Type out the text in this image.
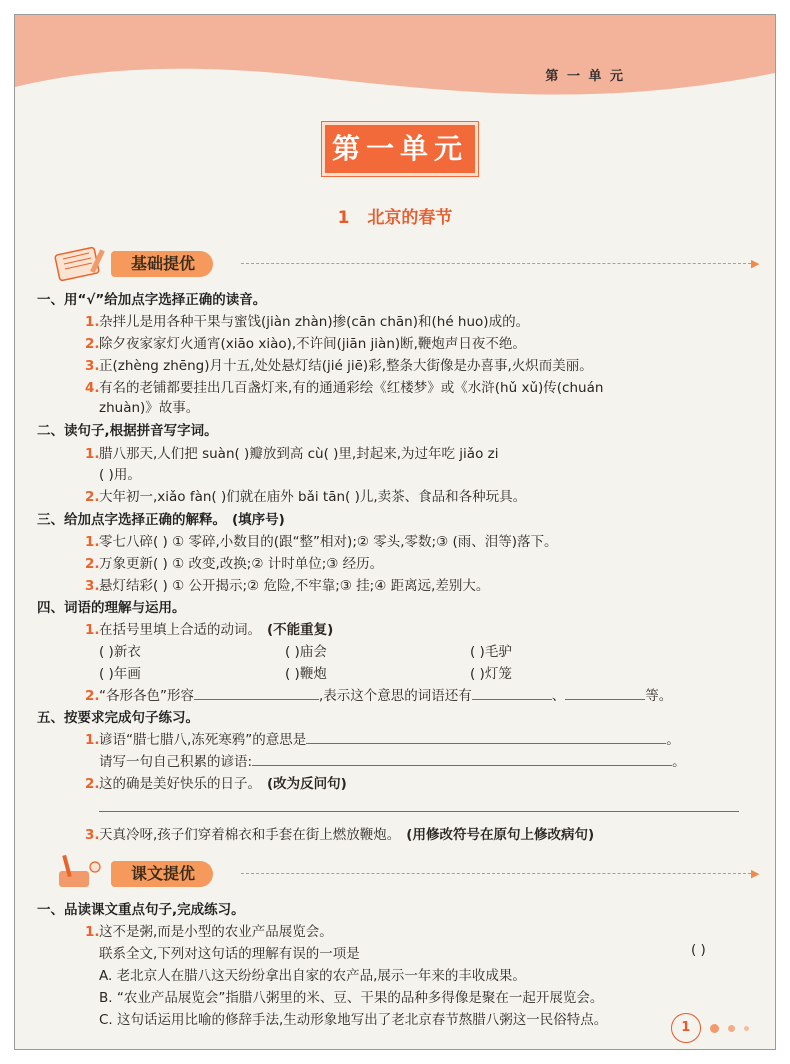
第 一 单 元
第一单元
1 北京的春节
基础提优	▶
一、用“√”给加点字选择正确的读音。
1.杂拌儿是用各种干果与蜜饯(jiàn zhàn)掺(cān chān)和(hé huo)成的。
2.除夕夜家家灯火通宵(xiāo xiào),不许间(jiān jiàn)断,鞭炮声日夜不绝。
3.正(zhèng zhēng)月十五,处处悬灯结(jié jiē)彩,整条大街像是办喜事,火炽而美丽。
4.有名的老铺都要挂出几百盏灯来,有的通通彩绘《红楼梦》或《水浒(hǔ xǔ)传(chuán
zhuàn)》故事。
二、读句子,根据拼音写字词。
1.腊八那天,人们把 suàn( )瓣放到高 cù( )里,封起来,为过年吃 jiǎo zi
( )用。
2.大年初一,xiǎo fàn( )们就在庙外 bǎi tān( )儿,卖茶、食品和各种玩具。
三、给加点字选择正确的解释。 (填序号)
1.零七八碎( ) ① 零碎,小数目的(跟“整”相对);② 零头,零数;③ (雨、泪等)落下。
2.万象更新( ) ① 改变,改换;② 计时单位;③ 经历。
3.悬灯结彩( ) ① 公开揭示;② 危险,不牢靠;③ 挂;④ 距离远,差别大。
四、词语的理解与运用。
1.在括号里填上合适的动词。 (不能重复)
( )新衣	( )庙会	( )毛驴
( )年画	( )鞭炮	( )灯笼
2.“各形各色”形容	,表示这个意思的词语还有	、	等。
五、按要求完成句子练习。
1.谚语“腊七腊八,冻死寒鸦”的意思是	。
请写一句自己积累的谚语:	。
2.这的确是美好快乐的日子。 (改为反问句)
3.天真冷呀,孩子们穿着棉衣和手套在街上燃放鞭炮。 (用修改符号在原句上修改病句)
课文提优	▶
一、品读课文重点句子,完成练习。
1.这不是粥,而是小型的农业产品展览会。
联系全文,下列对这句话的理解有误的一项是	( )
A. 老北京人在腊八这天纷纷拿出自家的农产品,展示一年来的丰收成果。
B. “农业产品展览会”指腊八粥里的米、豆、干果的品种多得像是聚在一起开展览会。
C. 这句话运用比喻的修辞手法,生动形象地写出了老北京春节熬腊八粥这一民俗特点。	1
